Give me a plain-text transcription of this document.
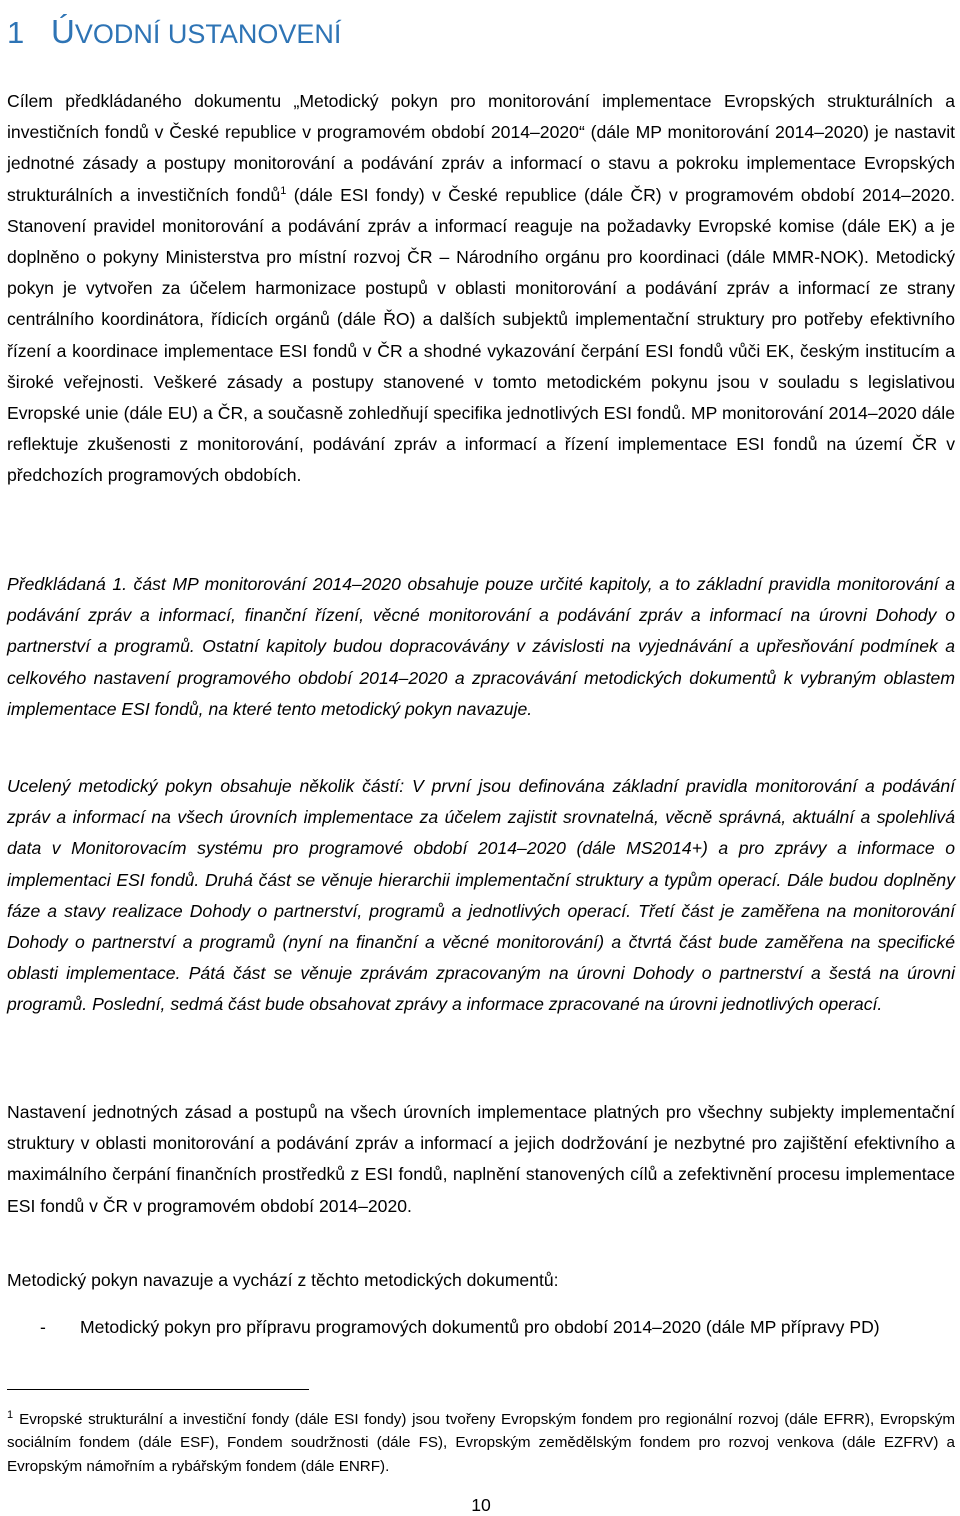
1 ÚVODNÍ USTANOVENÍ

Cílem předkládaného dokumentu „Metodický pokyn pro monitorování implementace Evropských strukturálních a investičních fondů v České republice v programovém období 2014–2020“ (dále MP monitorování 2014–2020) je nastavit jednotné zásady a postupy monitorování a podávání zpráv a informací o stavu a pokroku implementace Evropských strukturálních a investičních fondů$^1$ (dále ESI fondy) v České republice (dále ČR) v programovém období 2014–2020. Stanovení pravidel monitorování a podávání zpráv a informací reaguje na požadavky Evropské komise (dále EK) a je doplněno o pokyny Ministerstva pro místní rozvoj ČR – Národního orgánu pro koordinaci (dále MMR-NOK). Metodický pokyn je vytvořen za účelem harmonizace postupů v oblasti monitorování a podávání zpráv a informací ze strany centrálního koordinátora, řídicích orgánů (dále ŘO) a dalších subjektů implementační struktury pro potřeby efektivního řízení a koordinace implementace ESI fondů v ČR a shodné vykazování čerpání ESI fondů vůči EK, českým institucím a široké veřejnosti. Veškeré zásady a postupy stanovené v tomto metodickém pokynu jsou v souladu s legislativou Evropské unie (dále EU) a ČR, a současně zohledňují specifika jednotlivých ESI fondů. MP monitorování 2014–2020 dále reflektuje zkušenosti z monitorování, podávání zpráv a informací a řízení implementace ESI fondů na území ČR v předchozích programových obdobích.

Předkládaná 1. část MP monitorování 2014–2020 obsahuje pouze určité kapitoly, a to základní pravidla monitorování a podávání zpráv a informací, finanční řízení, věcné monitorování a podávání zpráv a informací na úrovni Dohody o partnerství a programů. Ostatní kapitoly budou dopracovávány v závislosti na vyjednávání a upřesňování podmínek a celkového nastavení programového období 2014–2020 a zpracovávání metodických dokumentů k vybraným oblastem implementace ESI fondů, na které tento metodický pokyn navazuje.

Ucelený metodický pokyn obsahuje několik částí: V první jsou definována základní pravidla monitorování a podávání zpráv a informací na všech úrovních implementace za účelem zajistit srovnatelná, věcně správná, aktuální a spolehlivá data v Monitorovacím systému pro programové období 2014–2020 (dále MS2014+) a pro zprávy a informace o implementaci ESI fondů. Druhá část se věnuje hierarchii implementační struktury a typům operací. Dále budou doplněny fáze a stavy realizace Dohody o partnerství, programů a jednotlivých operací. Třetí část je zaměřena na monitorování Dohody o partnerství a programů (nyní na finanční a věcné monitorování) a čtvrtá část bude zaměřena na specifické oblasti implementace. Pátá část se věnuje zprávám zpracovaným na úrovni Dohody o partnerství a šestá na úrovni programů. Poslední, sedmá část bude obsahovat zprávy a informace zpracované na úrovni jednotlivých operací.

Nastavení jednotných zásad a postupů na všech úrovních implementace platných pro všechny subjekty implementační struktury v oblasti monitorování a podávání zpráv a informací a jejich dodržování je nezbytné pro zajištění efektivního a maximálního čerpání finančních prostředků z ESI fondů, naplnění stanovených cílů a zefektivnění procesu implementace ESI fondů v ČR v programovém období 2014–2020.

Metodický pokyn navazuje a vychází z těchto metodických dokumentů:

- Metodický pokyn pro přípravu programových dokumentů pro období 2014–2020 (dále MP přípravy PD)

$^1$ Evropské strukturální a investiční fondy (dále ESI fondy) jsou tvořeny Evropským fondem pro regionální rozvoj (dále EFRR), Evropským sociálním fondem (dále ESF), Fondem soudržnosti (dále FS), Evropským zemědělským fondem pro rozvoj venkova (dále EZFRV) a Evropským námořním a rybářským fondem (dále ENRF).

10
